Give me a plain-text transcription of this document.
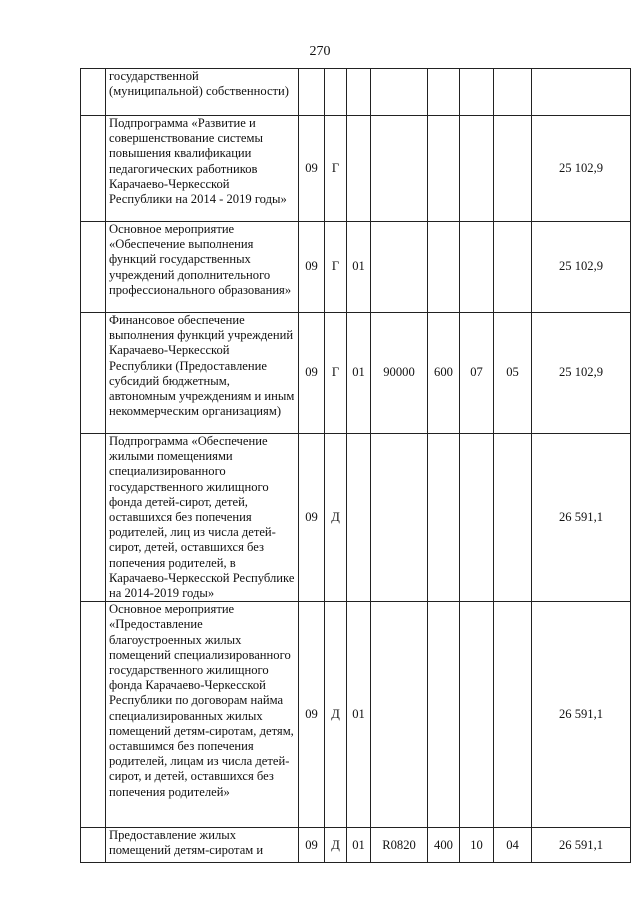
270
	государственной (муниципальной) собственности)								
	Подпрограмма «Развитие и совершенствование системы повышения квалификации педагогических работников Карачаево-Черкесской Республики на 2014 - 2019 годы»	09	Г						25 102,9
	Основное мероприятие «Обеспечение выполнения функций государственных учреждений дополнительного профессионального образования»	09	Г	01					25 102,9
	Финансовое обеспечение выполнения функций учреждений Карачаево-Черкесской Республики (Предоставление субсидий бюджетным, автономным учреждениям и иным некоммерческим организациям)	09	Г	01	90000	600	07	05	25 102,9
	Подпрограмма «Обеспечение жилыми помещениями специализированного государственного жилищного фонда детей-сирот, детей, оставшихся без попечения родителей, лиц из числа детей-сирот, детей, оставшихся без попечения родителей, в Карачаево-Черкесской Республике на 2014-2019 годы»	09	Д						26 591,1
	Основное мероприятие «Предоставление благоустроенных жилых помещений специализированного государственного жилищного фонда Карачаево-Черкесской Республики по договорам найма специализированных жилых помещений детям-сиротам, детям, оставшимся без попечения родителей, лицам из числа детей-сирот, и детей, оставшихся без попечения родителей»	09	Д	01					26 591,1

	Предоставление жилых помещений детям-сиротам и	09	Д	01	R0820	400	10	04	26 591,1
